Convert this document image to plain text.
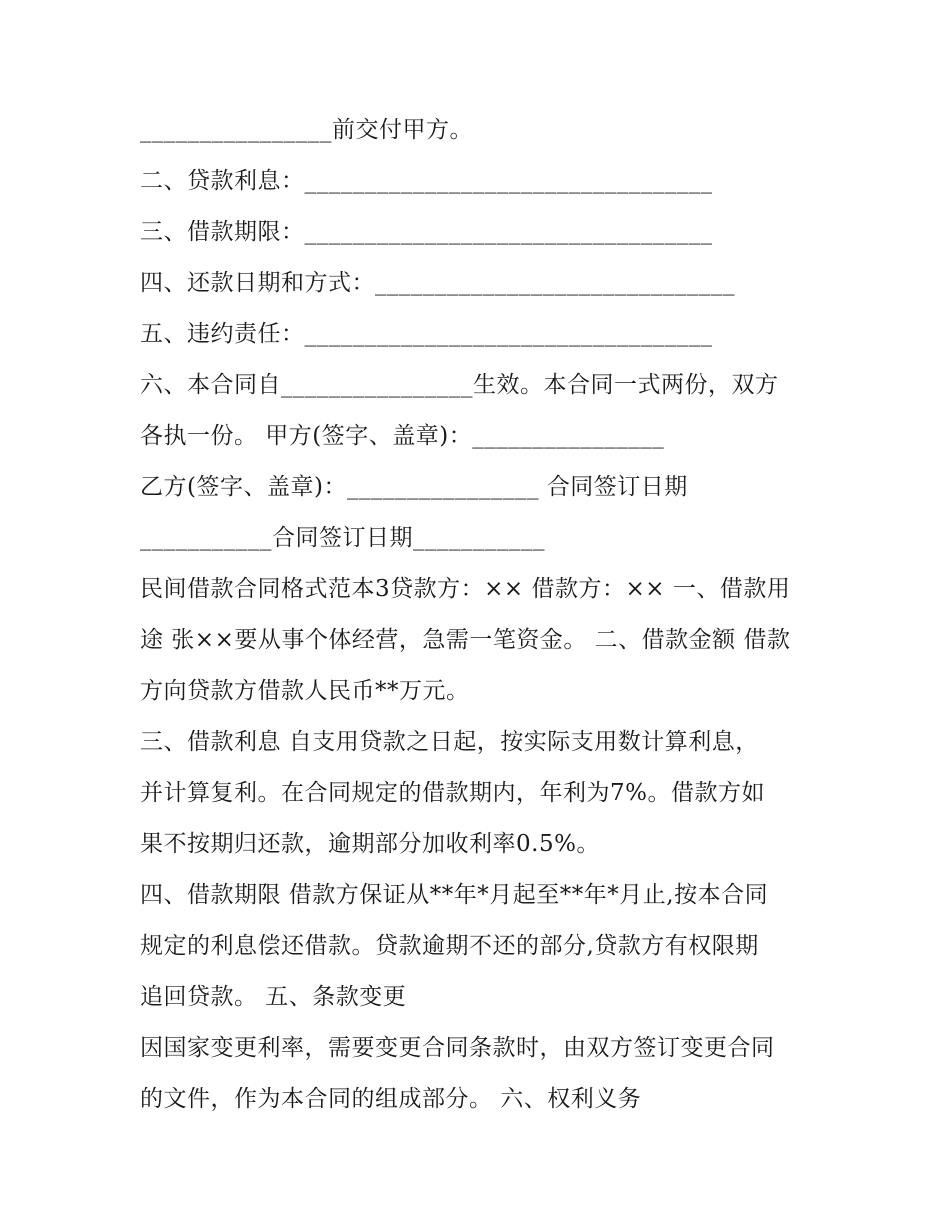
________________前交付甲方。
二、贷款利息：__________________________________
三、借款期限：__________________________________
四、还款日期和方式：______________________________
五、违约责任：__________________________________
六、本合同自________________生效。本合同一式两份，双方
各执一份。 甲方(签字、盖章)：________________
乙方(签字、盖章)：________________ 合同签订日期
___________合同签订日期___________
民间借款合同格式范本3贷款方：×× 借款方：×× 一、借款用
途 张××要从事个体经营，急需一笔资金。 二、借款金额 借款
方向贷款方借款人民币**万元。
三、借款利息 自支用贷款之日起，按实际支用数计算利息，
并计算复利。在合同规定的借款期内，年利为7%。借款方如
果不按期归还款，逾期部分加收利率0.5%。
四、借款期限 借款方保证从**年*月起至**年*月止,按本合同
规定的利息偿还借款。贷款逾期不还的部分,贷款方有权限期
追回贷款。 五、条款变更
因国家变更利率，需要变更合同条款时，由双方签订变更合同
的文件，作为本合同的组成部分。 六、权利义务
